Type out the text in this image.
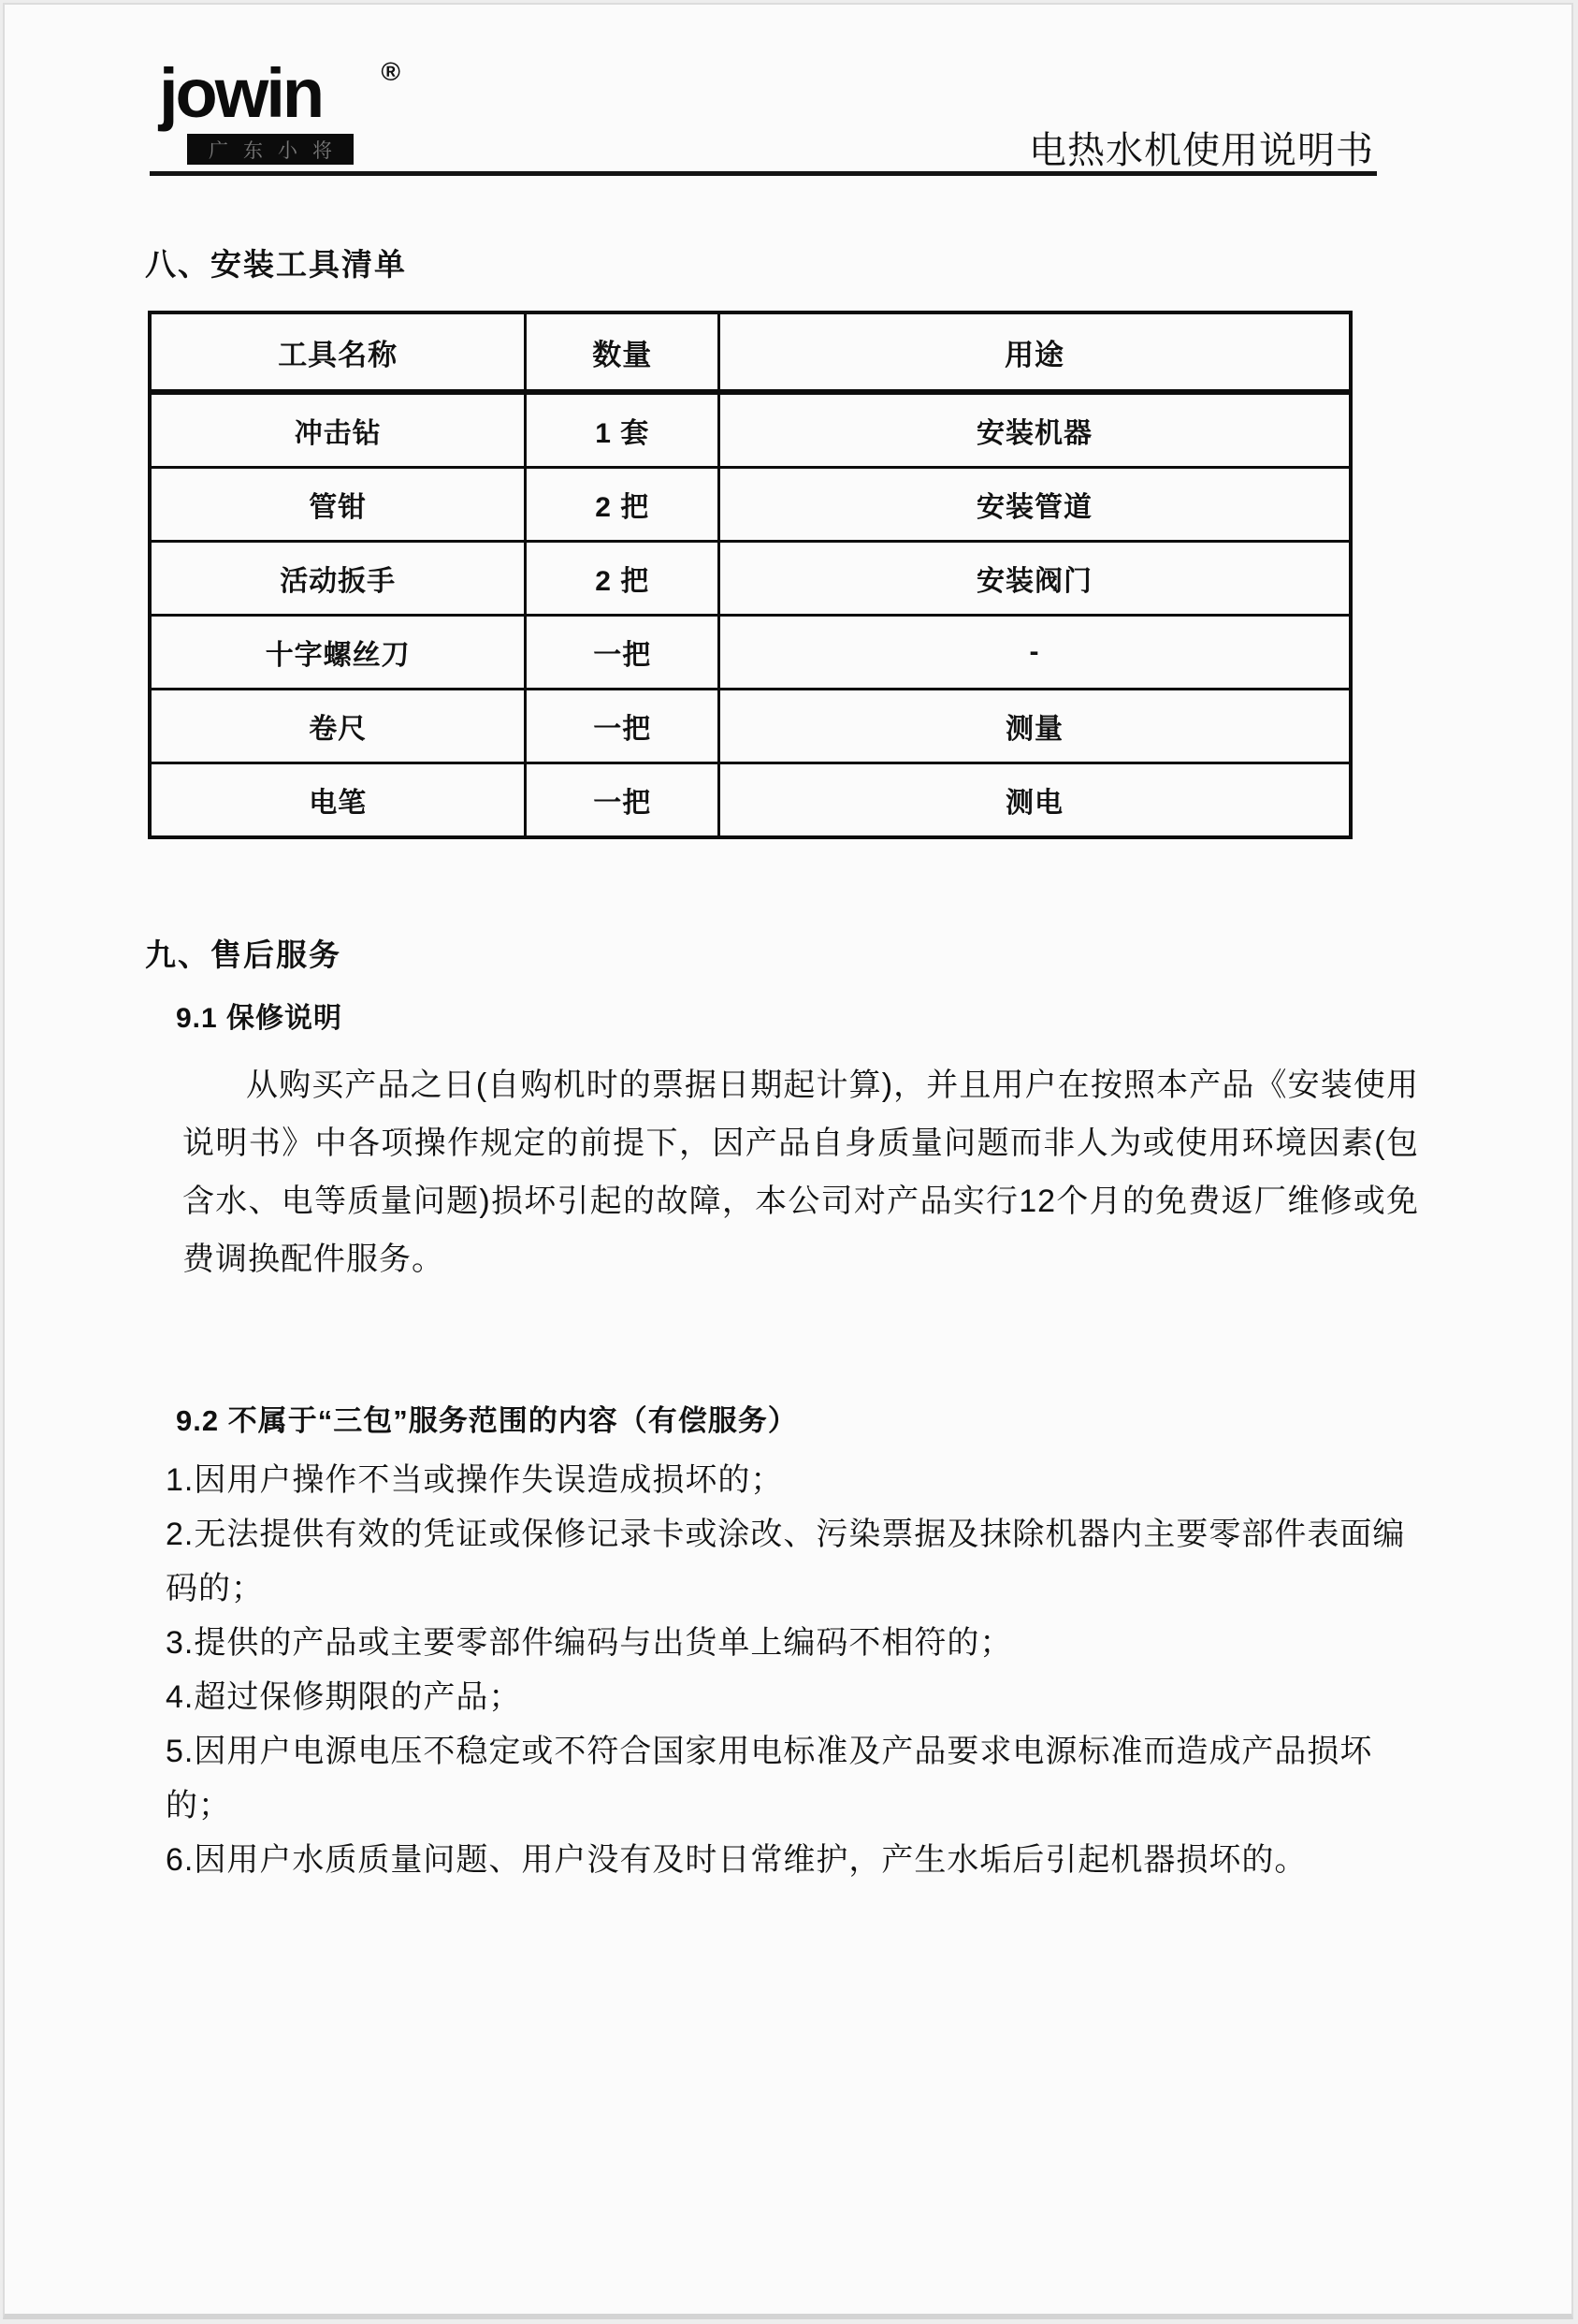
jowin	®
广东小将	电热水机使用说明书
八、安装工具清单
工具名称	数量	用途
冲击钻	1 套	安装机器
管钳	2 把	安装管道
活动扳手	2 把	安装阀门
十字螺丝刀	一把	-
卷尺	一把	测量
电笔	一把	测电
九、售后服务
9.1 保修说明
从购买产品之日(自购机时的票据日期起计算)，并且用户在按照本产品《安装使用说明书》中各项操作规定的前提下，因产品自身质量问题而非人为或使用环境因素(包含水、电等质量问题)损坏引起的故障，本公司对产品实行12个月的免费返厂维修或免费调换配件服务。
9.2 不属于“三包”服务范围的内容（有偿服务）
1.因用户操作不当或操作失误造成损坏的；
2.无法提供有效的凭证或保修记录卡或涂改、污染票据及抹除机器内主要零部件表面编码的；
3.提供的产品或主要零部件编码与出货单上编码不相符的；
4.超过保修期限的产品；
5.因用户电源电压不稳定或不符合国家用电标准及产品要求电源标准而造成产品损坏的；
6.因用户水质质量问题、用户没有及时日常维护，产生水垢后引起机器损坏的。
